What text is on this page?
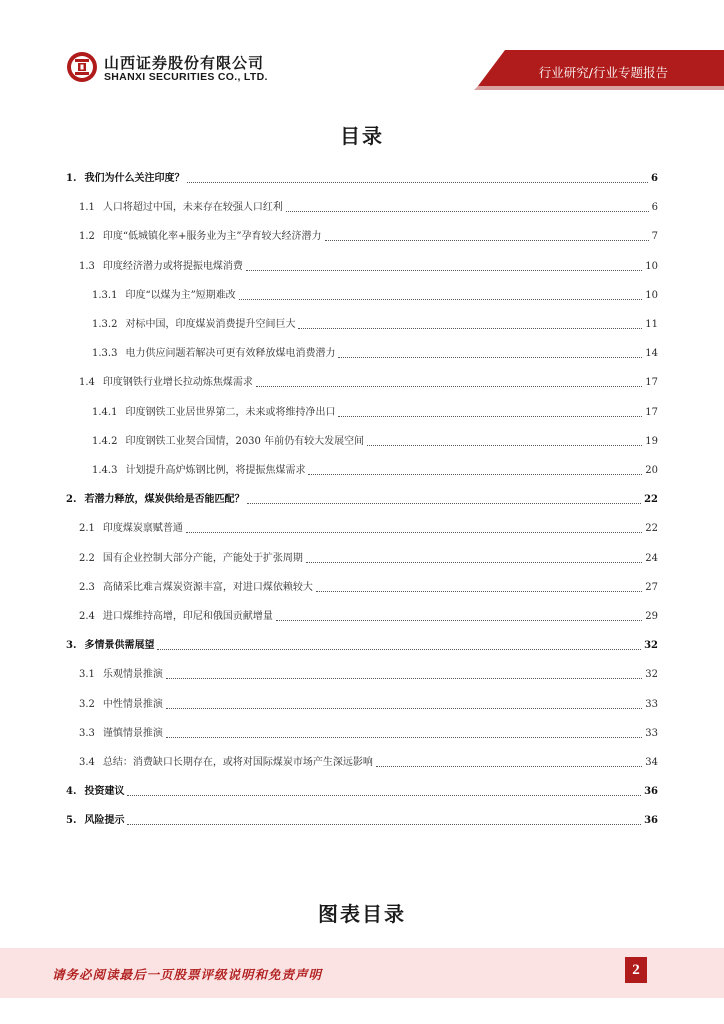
山西证券股份有限公司
SHANXI SECURITIES CO., LTD.	行业研究/行业专题报告
目录
1. 我们为什么关注印度？	6
1.1 人口将超过中国，未来存在较强人口红利	6
1.2 印度“低城镇化率+服务业为主”孕育较大经济潜力	7
1.3 印度经济潜力或将提振电煤消费	10
1.3.1 印度“以煤为主”短期难改	10
1.3.2 对标中国，印度煤炭消费提升空间巨大	11
1.3.3 电力供应问题若解决可更有效释放煤电消费潜力	14
1.4 印度钢铁行业增长拉动炼焦煤需求	17
1.4.1 印度钢铁工业居世界第二，未来或将维持净出口	17
1.4.2 印度钢铁工业契合国情，2030 年前仍有较大发展空间	19
1.4.3 计划提升高炉炼钢比例，将提振焦煤需求	20
2. 若潜力释放，煤炭供给是否能匹配？	22
2.1 印度煤炭禀赋普通	22
2.2 国有企业控制大部分产能，产能处于扩张周期	24
2.3 高储采比难言煤炭资源丰富，对进口煤依赖较大	27
2.4 进口煤维持高增，印尼和俄国贡献增量	29
3. 多情景供需展望	32
3.1 乐观情景推演	32
3.2 中性情景推演	33
3.3 谨慎情景推演	33
3.4 总结：消费缺口长期存在，或将对国际煤炭市场产生深远影响	34
4. 投资建议	36
5. 风险提示	36
图表目录
请务必阅读最后一页股票评级说明和免责声明	2
